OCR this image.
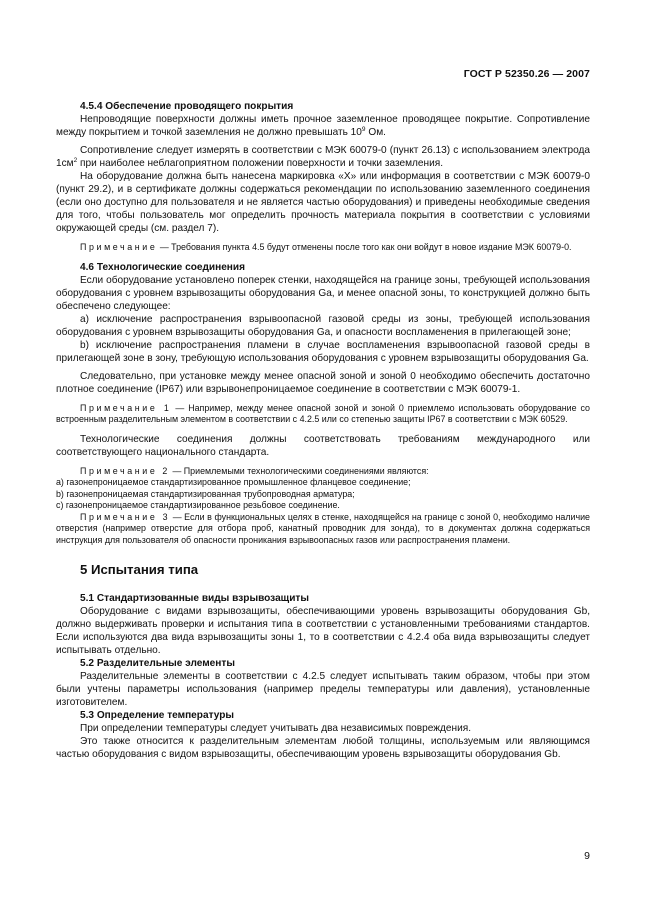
ГОСТ Р 52350.26 — 2007

4.5.4 Обеспечение проводящего покрытия

Непроводящие поверхности должны иметь прочное заземленное проводящее покрытие. Сопротивление между покрытием и точкой заземления не должно превышать $10^9$ Ом.

Сопротивление следует измерять в соответствии с МЭК 60079-0 (пункт 26.13) с использованием электрода $1см^2$ при наиболее неблагоприятном положении поверхности и точки заземления.

На оборудование должна быть нанесена маркировка «Х» или информация в соответствии с МЭК 60079-0 (пункт 29.2), и в сертификате должны содержаться рекомендации по использованию заземленного соединения (если оно доступно для пользователя и не является частью оборудования) и приведены необходимые сведения для того, чтобы пользователь мог определить прочность материала покрытия в соответствии с условиями окружающей среды (см. раздел 7).

Примечание — Требования пункта 4.5 будут отменены после того как они войдут в новое издание МЭК 60079-0.

4.6 Технологические соединения

Если оборудование установлено поперек стенки, находящейся на границе зоны, требующей использования оборудования с уровнем взрывозащиты оборудования Ga, и менее опасной зоны, то конструкцией должно быть обеспечено следующее:

a) исключение распространения взрывоопасной газовой среды из зоны, требующей использования оборудования с уровнем взрывозащиты оборудования Ga, и опасности воспламенения в прилегающей зоне;

b) исключение распространения пламени в случае воспламенения взрывоопасной газовой среды в прилегающей зоне в зону, требующую использования оборудования с уровнем взрывозащиты оборудования Ga.

Следовательно, при установке между менее опасной зоной и зоной 0 необходимо обеспечить достаточно плотное соединение (IP67) или взрывонепроницаемое соединение в соответствии с МЭК 60079-1.

Примечание 1 — Например, между менее опасной зоной и зоной 0 приемлемо использовать оборудование со встроенным разделительным элементом в соответствии с 4.2.5 или со степенью защиты IP67 в соответствии с МЭК 60529.

Технологические соединения должны соответствовать требованиям международного или соответствующего национального стандарта.

Примечание 2 — Приемлемыми технологическими соединениями являются:

a) газонепроницаемое стандартизированное промышленное фланцевое соединение;

b) газонепроницаемая стандартизированная трубопроводная арматура;

c) газонепроницаемое стандартизированное резьбовое соединение.

Примечание 3 — Если в функциональных целях в стенке, находящейся на границе с зоной 0, необходимо наличие отверстия (например отверстие для отбора проб, канатный проводник для зонда), то в документах должна содержаться инструкция для пользователя об опасности проникания взрывоопасных газов или распространения пламени.

5 Испытания типа

5.1 Стандартизованные виды взрывозащиты

Оборудование с видами взрывозащиты, обеспечивающими уровень взрывозащиты оборудования Gb, должно выдерживать проверки и испытания типа в соответствии с установленными требованиями стандартов. Если используются два вида взрывозащиты зоны 1, то в соответствии с 4.2.4 оба вида взрывозащиты следует испытывать отдельно.

5.2 Разделительные элементы

Разделительные элементы в соответствии с 4.2.5 следует испытывать таким образом, чтобы при этом были учтены параметры использования (например пределы температуры или давления), установленные изготовителем.

5.3 Определение температуры

При определении температуры следует учитывать два независимых повреждения.

Это также относится к разделительным элементам любой толщины, используемым или являющимся частью оборудования с видом взрывозащиты, обеспечивающим уровень взрывозащиты оборудования Gb.

9
